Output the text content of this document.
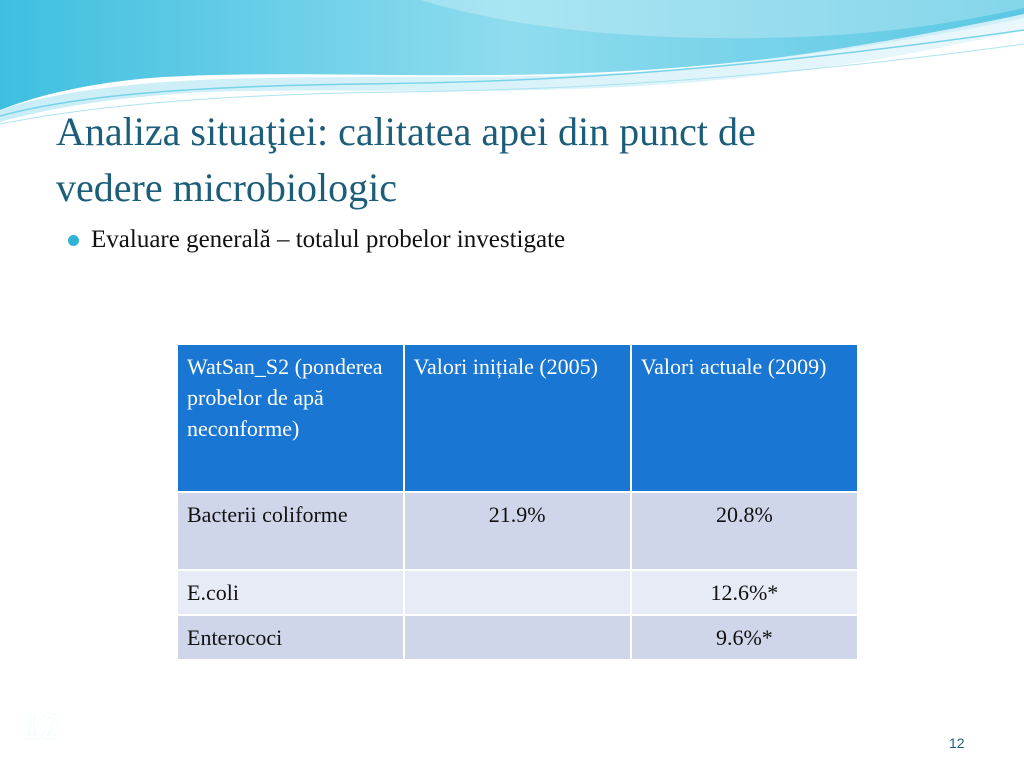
Analiza situaţiei: calitatea apei din punct de
vedere microbiologic
Evaluare generală – totalul probelor investigate
WatSan_S2 (ponderea probelor de apă neconforme)	Valori inițiale (2005)	Valori actuale (2009)
Bacterii coliforme	21.9%	20.8%
E.coli		12.6%*
Enterococi		9.6%*
12	12
